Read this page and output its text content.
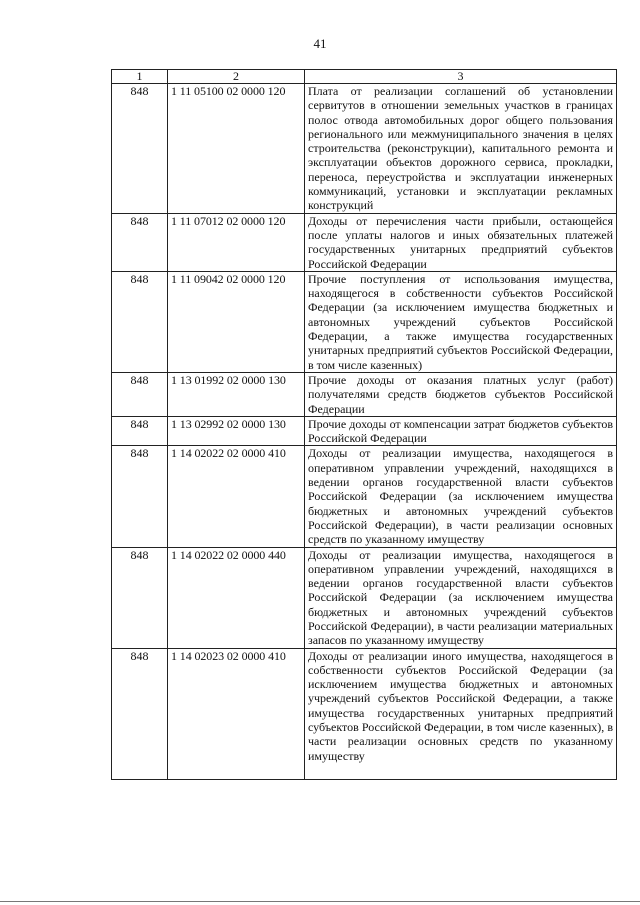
41
1	2	3
848	1 11 05100 02 0000 120	Плата от реализации соглашений об установлении сервитутов в отношении земельных участков в границах полос отвода автомобильных дорог общего пользования регионального или межмуниципального значения в целях строительства (реконструкции), капитального ремонта и эксплуатации объектов дорожного сервиса, прокладки, переноса, переустройства и эксплуатации инженерных коммуникаций, установки и эксплуатации рекламных конструкций
848	1 11 07012 02 0000 120	Доходы от перечисления части прибыли, остающейся после уплаты налогов и иных обязательных платежей государственных унитарных предприятий субъектов Российской Федерации
848	1 11 09042 02 0000 120	Прочие поступления от использования имущества, находящегося в собственности субъектов Российской Федерации (за исключением имущества бюджетных и автономных учреждений субъектов Российской Федерации, а также имущества государственных унитарных предприятий субъектов Российской Федерации, в том числе казенных)
848	1 13 01992 02 0000 130	Прочие доходы от оказания платных услуг (работ) получателями средств бюджетов субъектов Российской Федерации
848	1 13 02992 02 0000 130	Прочие доходы от компенсации затрат бюджетов субъектов Российской Федерации
848	1 14 02022 02 0000 410	Доходы от реализации имущества, находящегося в оперативном управлении учреждений, находящихся в ведении органов государственной власти субъектов Российской Федерации (за исключением имущества бюджетных и автономных учреждений субъектов Российской Федерации), в части реализации основных средств по указанному имуществу
848	1 14 02022 02 0000 440	Доходы от реализации имущества, находящегося в оперативном управлении учреждений, находящихся в ведении органов государственной власти субъектов Российской Федерации (за исключением имущества бюджетных и автономных учреждений субъектов Российской Федерации), в части реализации материальных запасов по указанному имуществу
848	1 14 02023 02 0000 410	Доходы от реализации иного имущества, находящегося в собственности субъектов Российской Федерации (за исключением имущества бюджетных и автономных учреждений субъектов Российской Федерации, а также имущества государственных унитарных предприятий субъектов Российской Федерации, в том числе казенных), в части реализации основных средств по указанному имуществу
